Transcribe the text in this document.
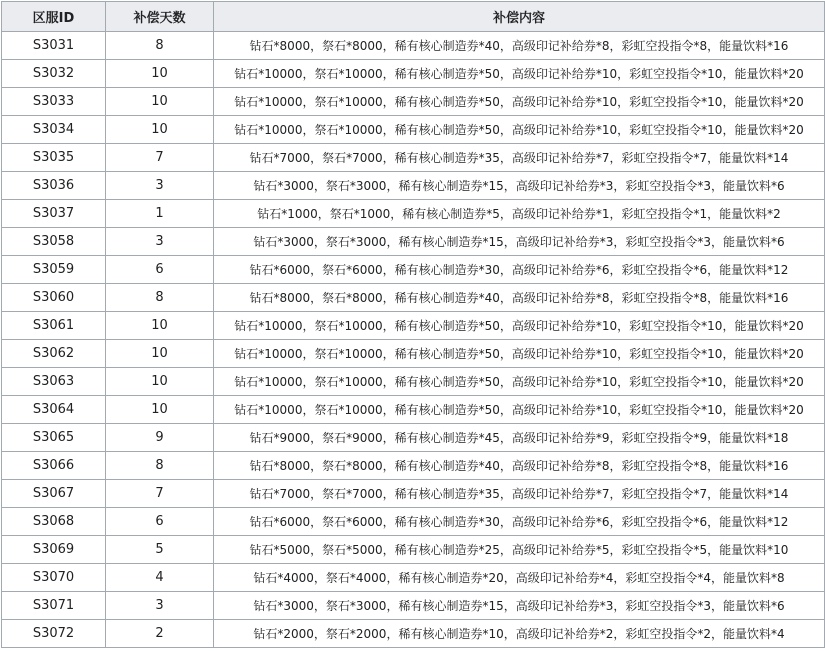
区服ID	补偿天数	补偿内容
S3031	8	钻石*8000，祭石*8000，稀有核心制造券*40，高级印记补给券*8，彩虹空投指令*8，能量饮料*16
S3032	10	钻石*10000，祭石*10000，稀有核心制造券*50，高级印记补给券*10，彩虹空投指令*10，能量饮料*20
S3033	10	钻石*10000，祭石*10000，稀有核心制造券*50，高级印记补给券*10，彩虹空投指令*10，能量饮料*20
S3034	10	钻石*10000，祭石*10000，稀有核心制造券*50，高级印记补给券*10，彩虹空投指令*10，能量饮料*20
S3035	7	钻石*7000，祭石*7000，稀有核心制造券*35，高级印记补给券*7，彩虹空投指令*7，能量饮料*14
S3036	3	钻石*3000，祭石*3000，稀有核心制造券*15，高级印记补给券*3，彩虹空投指令*3，能量饮料*6
S3037	1	钻石*1000，祭石*1000，稀有核心制造券*5，高级印记补给券*1，彩虹空投指令*1，能量饮料*2
S3058	3	钻石*3000，祭石*3000，稀有核心制造券*15，高级印记补给券*3，彩虹空投指令*3，能量饮料*6
S3059	6	钻石*6000，祭石*6000，稀有核心制造券*30，高级印记补给券*6，彩虹空投指令*6，能量饮料*12
S3060	8	钻石*8000，祭石*8000，稀有核心制造券*40，高级印记补给券*8，彩虹空投指令*8，能量饮料*16
S3061	10	钻石*10000，祭石*10000，稀有核心制造券*50，高级印记补给券*10，彩虹空投指令*10，能量饮料*20
S3062	10	钻石*10000，祭石*10000，稀有核心制造券*50，高级印记补给券*10，彩虹空投指令*10，能量饮料*20
S3063	10	钻石*10000，祭石*10000，稀有核心制造券*50，高级印记补给券*10，彩虹空投指令*10，能量饮料*20
S3064	10	钻石*10000，祭石*10000，稀有核心制造券*50，高级印记补给券*10，彩虹空投指令*10，能量饮料*20
S3065	9	钻石*9000，祭石*9000，稀有核心制造券*45，高级印记补给券*9，彩虹空投指令*9，能量饮料*18
S3066	8	钻石*8000，祭石*8000，稀有核心制造券*40，高级印记补给券*8，彩虹空投指令*8，能量饮料*16
S3067	7	钻石*7000，祭石*7000，稀有核心制造券*35，高级印记补给券*7，彩虹空投指令*7，能量饮料*14
S3068	6	钻石*6000，祭石*6000，稀有核心制造券*30，高级印记补给券*6，彩虹空投指令*6，能量饮料*12
S3069	5	钻石*5000，祭石*5000，稀有核心制造券*25，高级印记补给券*5，彩虹空投指令*5，能量饮料*10
S3070	4	钻石*4000，祭石*4000，稀有核心制造券*20，高级印记补给券*4，彩虹空投指令*4，能量饮料*8
S3071	3	钻石*3000，祭石*3000，稀有核心制造券*15，高级印记补给券*3，彩虹空投指令*3，能量饮料*6
S3072	2	钻石*2000，祭石*2000，稀有核心制造券*10，高级印记补给券*2，彩虹空投指令*2，能量饮料*4
